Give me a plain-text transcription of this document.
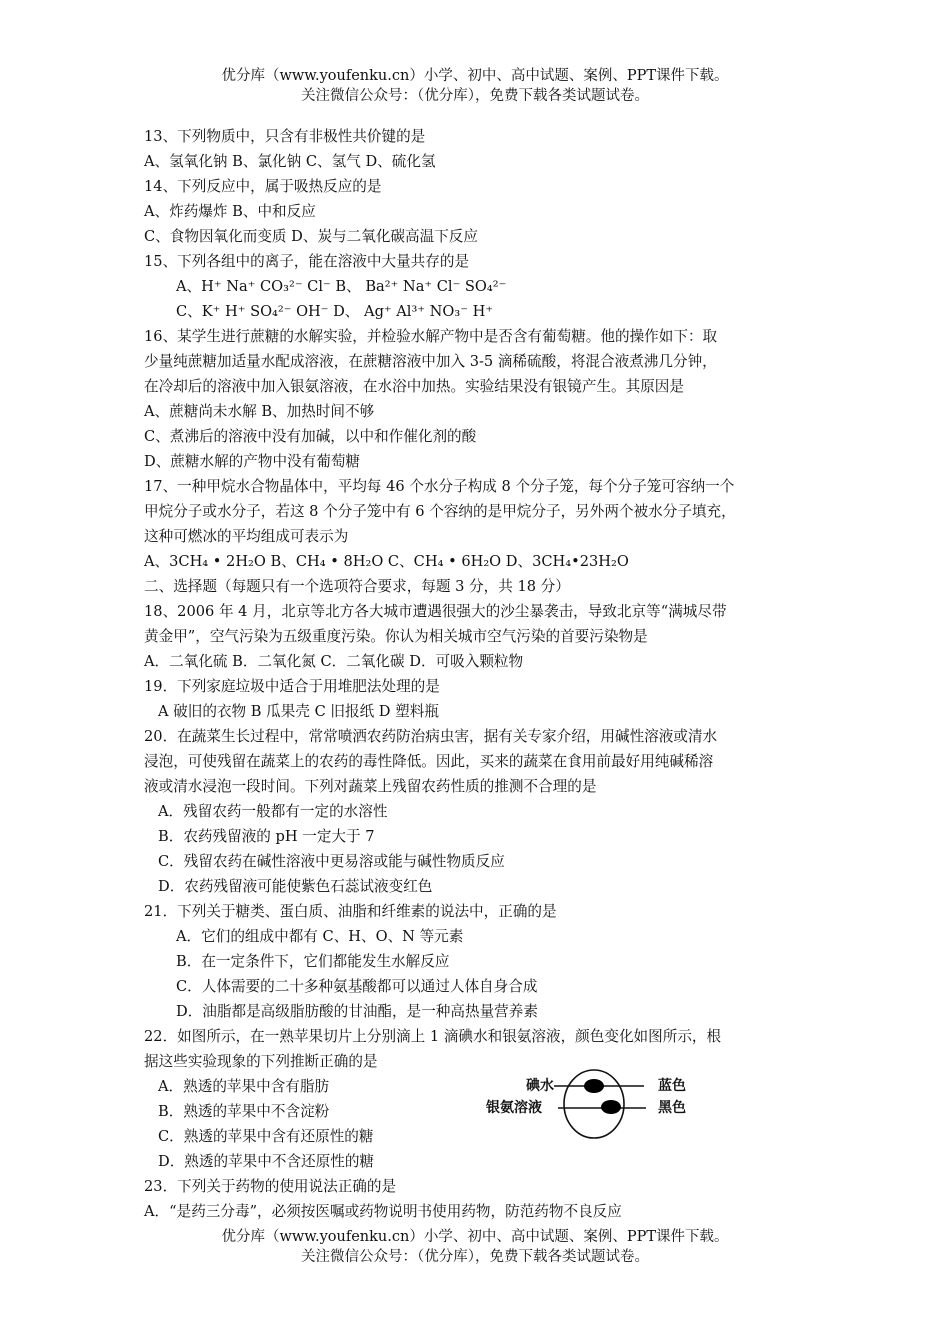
优分库（www.youfenku.cn）小学、初中、高中试题、案例、PPT课件下载。
关注微信公众号：（优分库），免费下载各类试题试卷。
13、下列物质中，只含有非极性共价键的是
A、氢氧化钠 B、氯化钠 C、氢气 D、硫化氢
14、下列反应中，属于吸热反应的是
A、炸药爆炸 B、中和反应
C、食物因氧化而变质 D、炭与二氧化碳高温下反应
15、下列各组中的离子，能在溶液中大量共存的是
A、H⁺ Na⁺ CO₃²⁻ Cl⁻ B、 Ba²⁺ Na⁺ Cl⁻ SO₄²⁻
C、K⁺ H⁺ SO₄²⁻ OH⁻ D、 Ag⁺ Al³⁺ NO₃⁻ H⁺
16、某学生进行蔗糖的水解实验，并检验水解产物中是否含有葡萄糖。他的操作如下：取
少量纯蔗糖加适量水配成溶液，在蔗糖溶液中加入 3-5 滴稀硫酸，将混合液煮沸几分钟，
在冷却后的溶液中加入银氨溶液，在水浴中加热。实验结果没有银镜产生。其原因是
A、蔗糖尚未水解 B、加热时间不够
C、煮沸后的溶液中没有加碱，以中和作催化剂的酸
D、蔗糖水解的产物中没有葡萄糖
17、一种甲烷水合物晶体中，平均每 46 个水分子构成 8 个分子笼，每个分子笼可容纳一个
甲烷分子或水分子，若这 8 个分子笼中有 6 个容纳的是甲烷分子，另外两个被水分子填充，
这种可燃冰的平均组成可表示为
A、3CH₄ • 2H₂O B、CH₄ • 8H₂O C、CH₄ • 6H₂O D、3CH₄•23H₂O
二、选择题（每题只有一个选项符合要求，每题 3 分，共 18 分）
18、2006 年 4 月，北京等北方各大城市遭遇很强大的沙尘暴袭击，导致北京等“满城尽带
黄金甲”，空气污染为五级重度污染。你认为相关城市空气污染的首要污染物是
A．二氧化硫 B．二氧化氮 C．二氧化碳 D．可吸入颗粒物
19．下列家庭垃圾中适合于用堆肥法处理的是
A 破旧的衣物 B 瓜果壳 C 旧报纸 D 塑料瓶
20．在蔬菜生长过程中，常常喷洒农药防治病虫害，据有关专家介绍，用碱性溶液或清水
浸泡，可使残留在蔬菜上的农药的毒性降低。因此，买来的蔬菜在食用前最好用纯碱稀溶
液或清水浸泡一段时间。下列对蔬菜上残留农药性质的推测不合理的是
A．残留农药一般都有一定的水溶性
B．农药残留液的 pH 一定大于 7
C．残留农药在碱性溶液中更易溶或能与碱性物质反应
D．农药残留液可能使紫色石蕊试液变红色
21．下列关于糖类、蛋白质、油脂和纤维素的说法中，正确的是
A．它们的组成中都有 C、H、O、N 等元素
B．在一定条件下，它们都能发生水解反应
C．人体需要的二十多种氨基酸都可以通过人体自身合成
D．油脂都是高级脂肪酸的甘油酯，是一种高热量营养素
22．如图所示，在一熟苹果切片上分别滴上 1 滴碘水和银氨溶液，颜色变化如图所示，根
据这些实验现象的下列推断正确的是
A．熟透的苹果中含有脂肪
B．熟透的苹果中不含淀粉
C．熟透的苹果中含有还原性的糖
D．熟透的苹果中不含还原性的糖
23．下列关于药物的使用说法正确的是
A．“是药三分毒”，必须按医嘱或药物说明书使用药物，防范药物不良反应
碘水
银氨溶液
蓝色
黑色
优分库（www.youfenku.cn）小学、初中、高中试题、案例、PPT课件下载。
关注微信公众号：（优分库），免费下载各类试题试卷。
